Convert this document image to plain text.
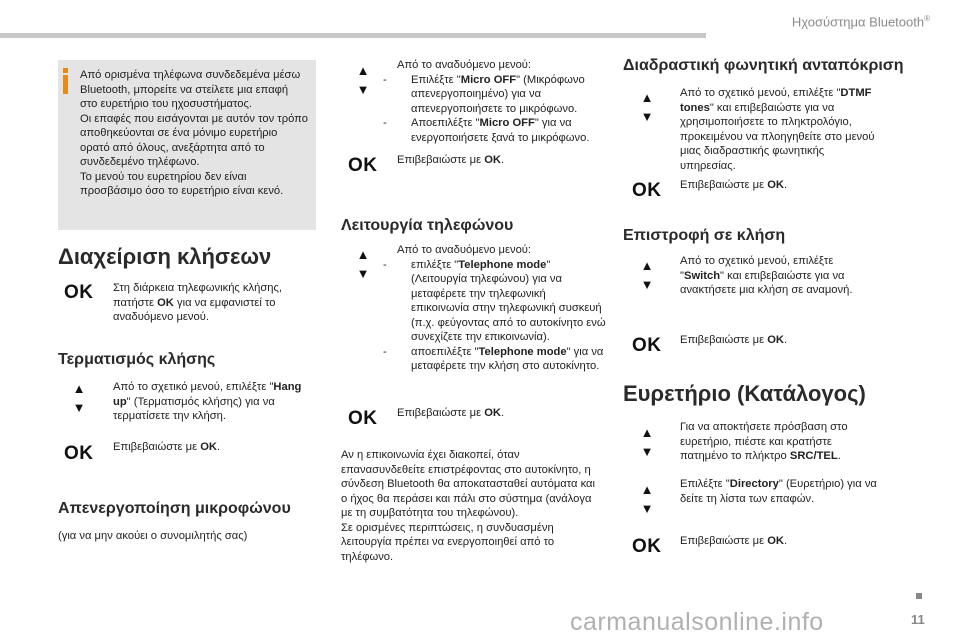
Ηχοσύστημα Bluetooth®

Από ορισμένα τηλέφωνα συνδεδεμένα μέσω Bluetooth, μπορείτε να στείλετε μια επαφή στο ευρετήριο του ηχοσυστήματος.

Οι επαφές που εισάγονται με αυτόν τον τρόπο αποθηκεύονται σε ένα μόνιμο ευρετήριο ορατό από όλους, ανεξάρτητα από το συνδεδεμένο τηλέφωνο.

Το μενού του ευρετηρίου δεν είναι προσβάσιμο όσο το ευρετήριο είναι κενό.

Διαχείριση κλήσεων
OK Στη διάρκεια τηλεφωνικής κλήσης, πατήστε OK για να εμφανιστεί το αναδυόμενο μενού.
Τερματισμός κλήσης
▲
▼
Από το σχετικό μενού, επιλέξτε "Hang up" (Τερματισμός κλήσης) για να τερματίσετε την κλήση.
OK Επιβεβαιώστε με OK.
Απενεργοποίηση μικροφώνου
(για να μην ακούει ο συνομιλητής σας)
▲
▼

Από το αναδυόμενο μενού:

- Επιλέξτε "Micro OFF" (Μικρόφωνο απενεργοποιημένο) για να απενεργοποιήσετε το μικρόφωνο.

- Αποεπιλέξτε "Micro OFF" για να ενεργοποιήσετε ξανά το μικρόφωνο.

OK Επιβεβαιώστε με OK.
Λειτουργία τηλεφώνου
▲
▼

Από το αναδυόμενο μενού:

- επιλέξτε "Telephone mode" (Λειτουργία τηλεφώνου) για να μεταφέρετε την τηλεφωνική επικοινωνία στην τηλεφωνική συσκευή (π.χ. φεύγοντας από το αυτοκίνητο ενώ συνεχίζετε την επικοινωνία).

- αποεπιλέξτε "Telephone mode" για να μεταφέρετε την κλήση στο αυτοκίνητο.

OK Επιβεβαιώστε με OK.

Αν η επικοινωνία έχει διακοπεί, όταν επανασυνδεθείτε επιστρέφοντας στο αυτοκίνητο, η σύνδεση Bluetooth θα αποκατασταθεί αυτόματα και ο ήχος θα περάσει και πάλι στο σύστημα (ανάλογα με τη συμβατότητα του τηλεφώνου).

Σε ορισμένες περιπτώσεις, η συνδυασμένη λειτουργία πρέπει να ενεργοποιηθεί από το τηλέφωνο.

Διαδραστική φωνητική ανταπόκριση
▲
▼
Από το σχετικό μενού, επιλέξτε "DTMF tones" και επιβεβαιώστε για να χρησιμοποιήσετε το πληκτρολόγιο, προκειμένου να πλοηγηθείτε στο μενού μιας διαδραστικής φωνητικής υπηρεσίας.
OK Επιβεβαιώστε με OK.
Επιστροφή σε κλήση
▲
▼
Από το σχετικό μενού, επιλέξτε "Switch" και επιβεβαιώστε για να ανακτήσετε μια κλήση σε αναμονή.
OK Επιβεβαιώστε με OK.
Ευρετήριο (Κατάλογος)
▲
▼
Για να αποκτήσετε πρόσβαση στο ευρετήριο, πιέστε και κρατήστε πατημένο το πλήκτρο SRC/TEL.
▲
▼
Επιλέξτε "Directory" (Ευρετήριο) για να δείτε τη λίστα των επαφών.
OK Επιβεβαιώστε με OK.
11
carmanualsonline.info
